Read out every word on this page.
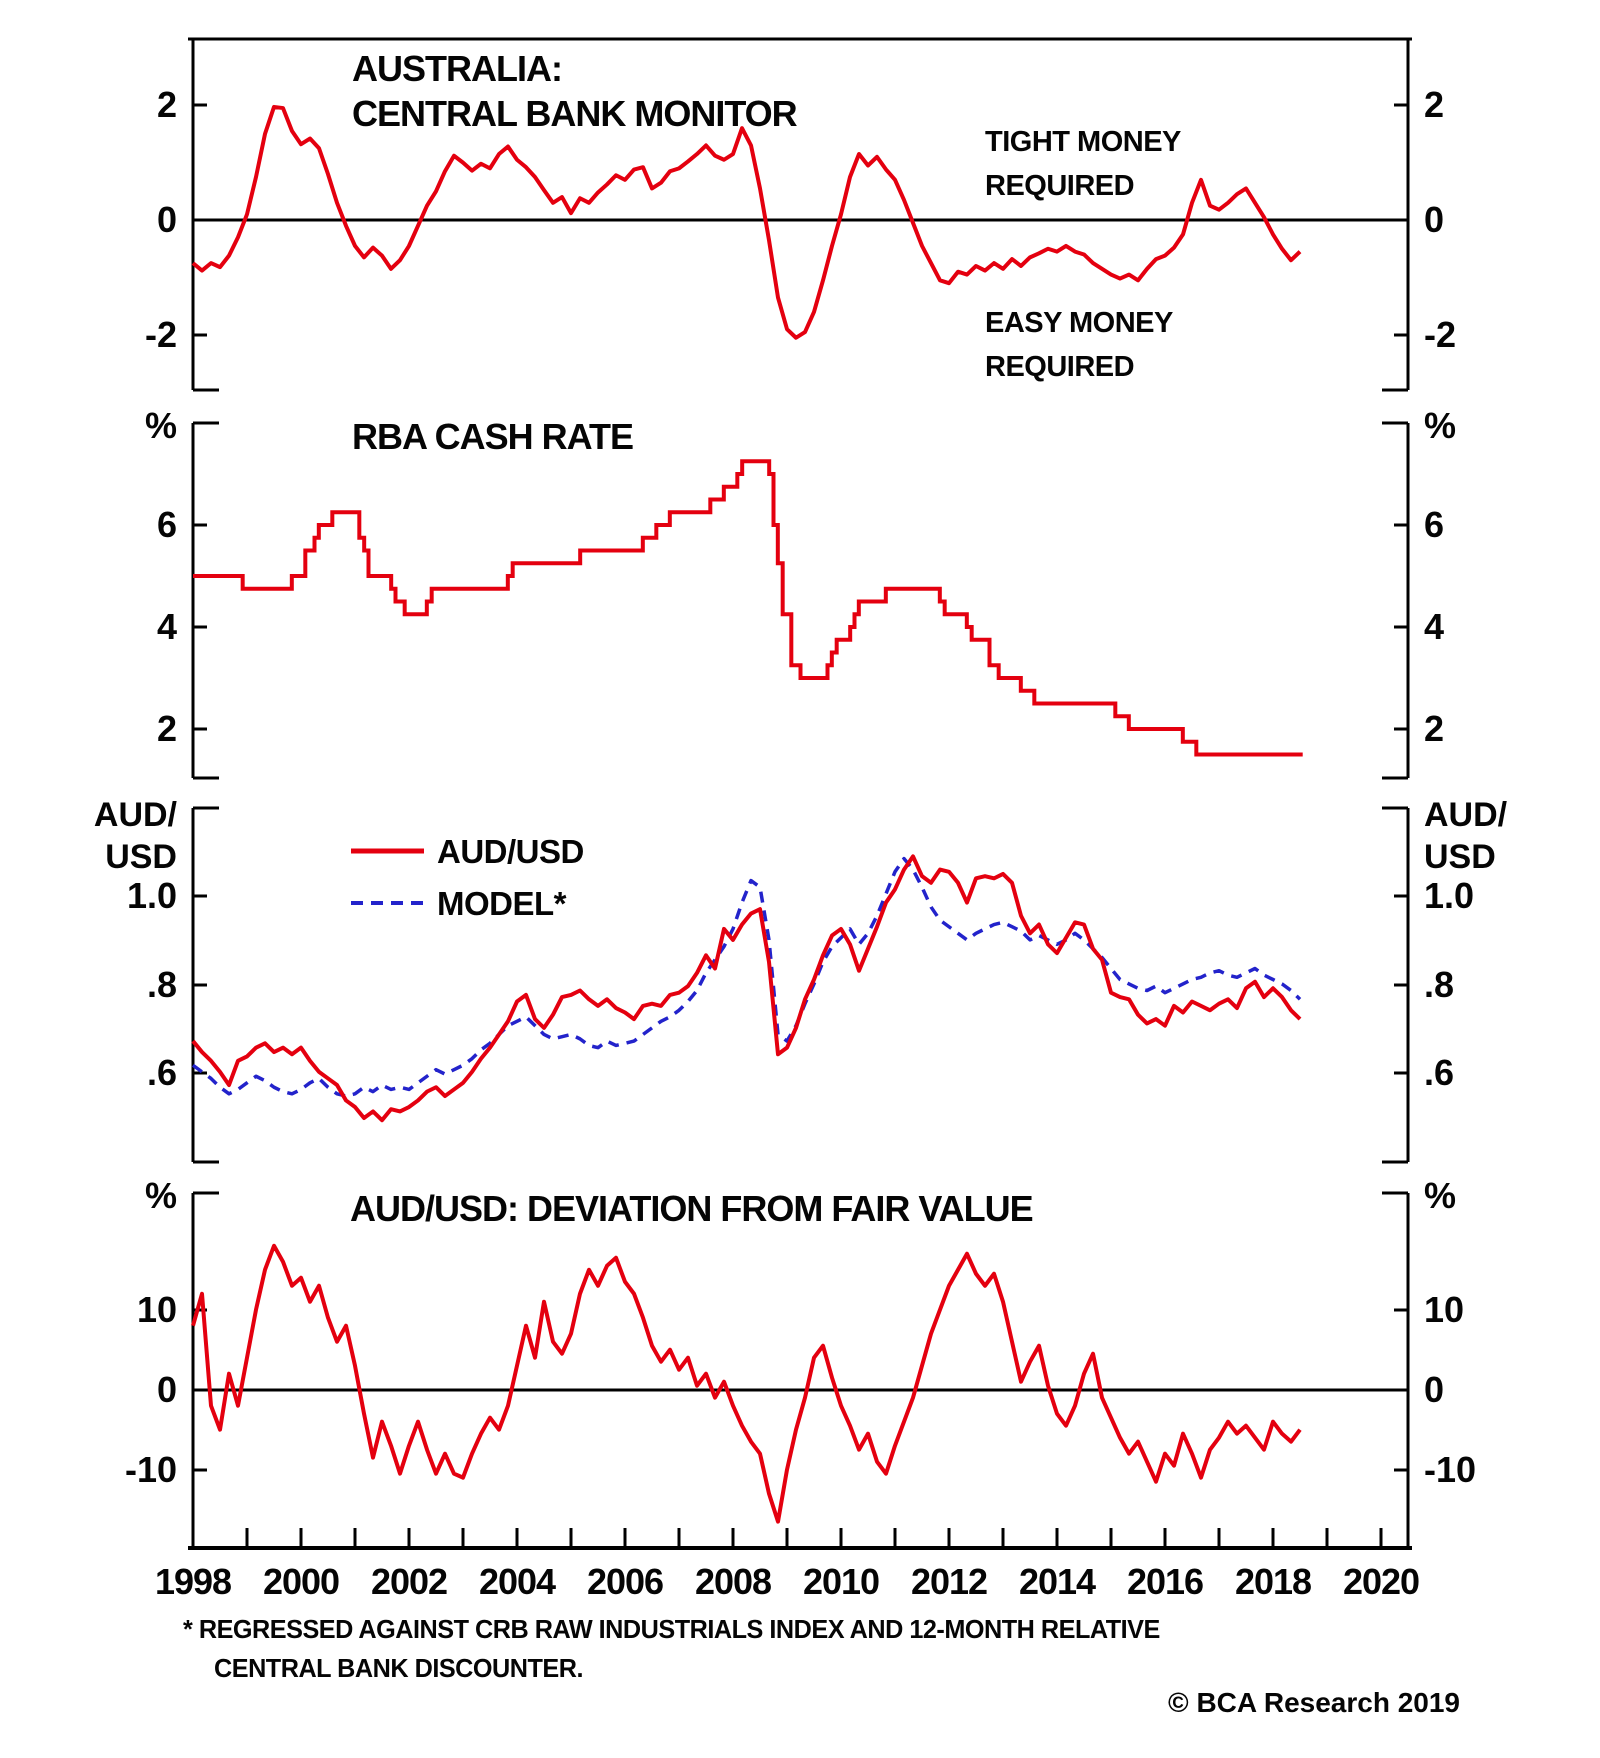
AUSTRALIA:
CENTRAL BANK MONITOR
TIGHT MONEY
REQUIRED
EASY MONEY
REQUIRED
2
0
-2
2
0
-2
RBA CASH RATE
%
6
4
2
%
6
4
2
AUD/
USD
AUD/
USD
1.0
.8
.6
1.0
.8
.6
AUD/USD
MODEL*
AUD/USD: DEVIATION FROM FAIR VALUE
%
10
0
-10
%
10
0
-10
1998 2000 2002 2004 2006 2008 2010 2012 2014 2016 2018 2020
* REGRESSED AGAINST CRB RAW INDUSTRIALS INDEX AND 12-MONTH RELATIVE
CENTRAL BANK DISCOUNTER.
© BCA Research 2019
